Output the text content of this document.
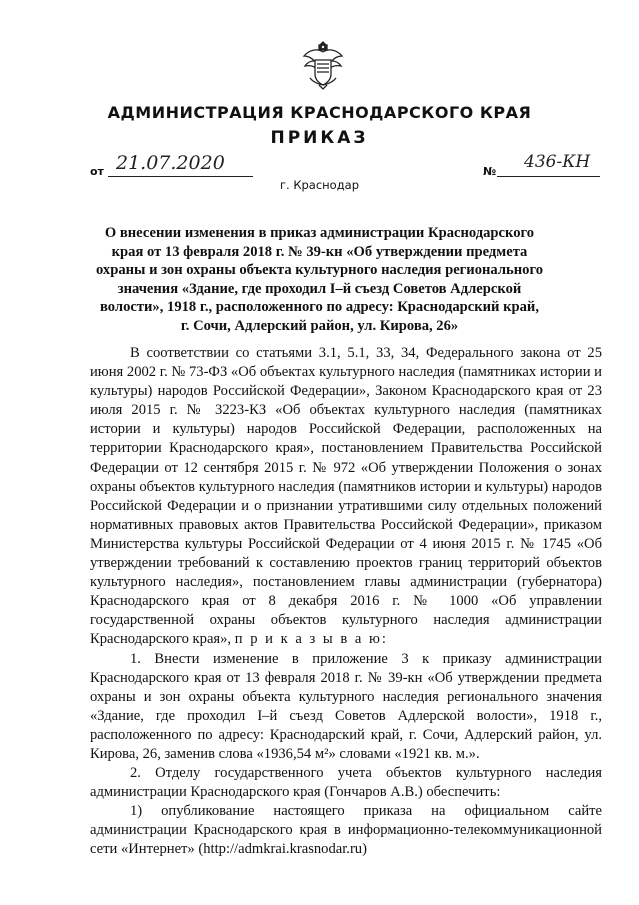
АДМИНИСТРАЦИЯ КРАСНОДАРСКОГО КРАЯ
ПРИКАЗ
от 21.07.2020	№ 436-КН
г. Краснодар
О внесении изменения в приказ администрации Краснодарского края от 13 февраля 2018 г. № 39-кн «Об утверждении предмета охраны и зон охраны объекта культурного наследия регионального значения «Здание, где проходил I–й съезд Советов Адлерской волости», 1918 г., расположенного по адресу: Краснодарский край, г. Сочи, Адлерский район, ул. Кирова, 26»

В соответствии со статьями 3.1, 5.1, 33, 34, Федерального закона от 25 июня 2002 г. № 73-ФЗ «Об объектах культурного наследия (памятниках истории и культуры) народов Российской Федерации», Законом Краснодарского края от 23 июля 2015 г. № 3223-КЗ «Об объектах культурного наследия (памятниках истории и культуры) народов Российской Федерации, расположенных на территории Краснодарского края», постановлением Правительства Российской Федерации от 12 сентября 2015 г. № 972 «Об утверждении Положения о зонах охраны объектов культурного наследия (памятников истории и культуры) народов Российской Федерации и о признании утратившими силу отдельных положений нормативных правовых актов Правительства Российской Федерации», приказом Министерства культуры Российской Федерации от 4 июня 2015 г. № 1745 «Об утверждении требований к составлению проектов границ территорий объектов культурного наследия», постановлением главы администрации (губернатора) Краснодарского края от 8 декабря 2016 г. № 1000 «Об управлении государственной охраны объектов культурного наследия администрации Краснодарского края», п р и к а з ы в а ю:

1. Внести изменение в приложение 3 к приказу администрации Краснодарского края от 13 февраля 2018 г. № 39-кн «Об утверждении предмета охраны и зон охраны объекта культурного наследия регионального значения «Здание, где проходил I–й съезд Советов Адлерской волости», 1918 г., расположенного по адресу: Краснодарский край, г. Сочи, Адлерский район, ул. Кирова, 26, заменив слова «1936,54 м²» словами «1921 кв. м.».

2. Отделу государственного учета объектов культурного наследия администрации Краснодарского края (Гончаров А.В.) обеспечить:

1) опубликование настоящего приказа на официальном сайте администрации Краснодарского края в информационно-телекоммуникационной сети «Интернет» (http://admkrai.krasnodar.ru)
